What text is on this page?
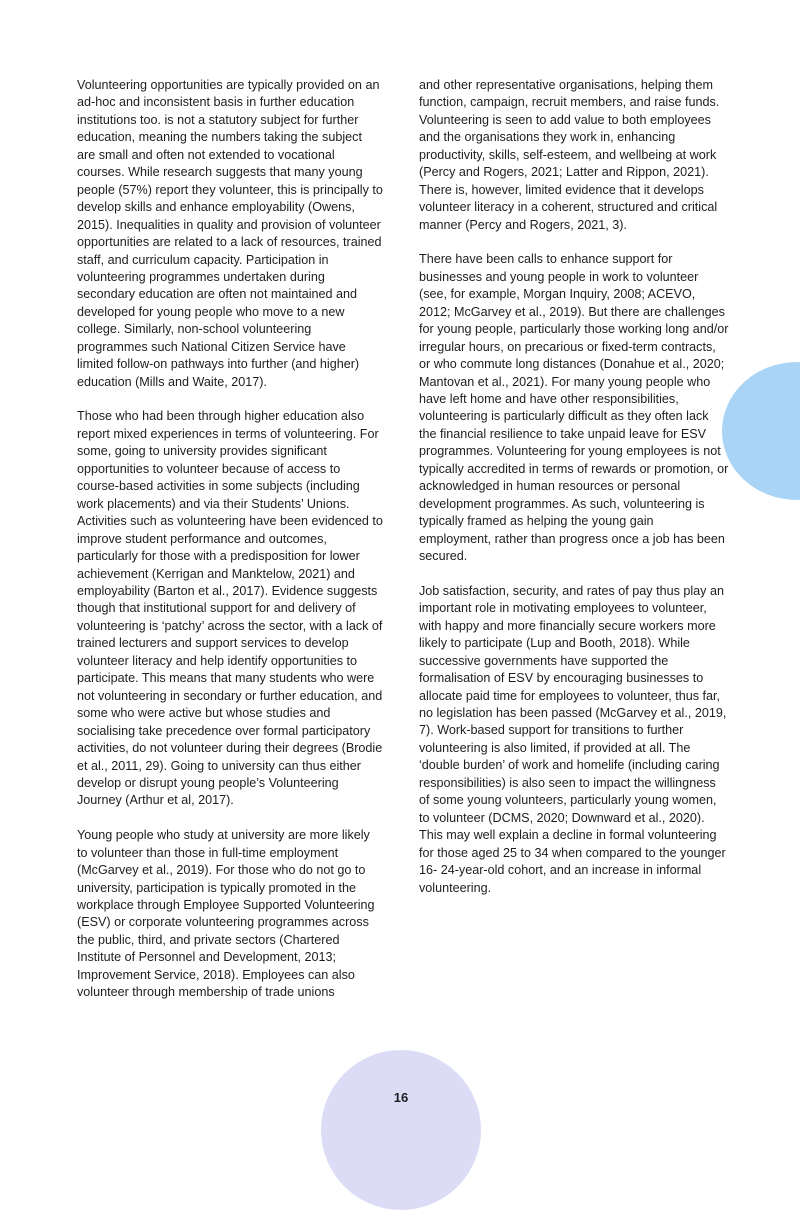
Volunteering opportunities are typically provided on an ad-hoc and inconsistent basis in further education institutions too. is not a statutory subject for further education, meaning the numbers taking the subject are small and often not extended to vocational courses. While research suggests that many young people (57%) report they volunteer, this is principally to develop skills and enhance employability (Owens, 2015). Inequalities in quality and provision of volunteer opportunities are related to a lack of resources, trained staff, and curriculum capacity. Participation in volunteering programmes undertaken during secondary education are often not maintained and developed for young people who move to a new college. Similarly, non-school volunteering programmes such National Citizen Service have limited follow-on pathways into further (and higher) education (Mills and Waite, 2017).

Those who had been through higher education also report mixed experiences in terms of volunteering. For some, going to university provides significant opportunities to volunteer because of access to course-based activities in some subjects (including work placements) and via their Students’ Unions. Activities such as volunteering have been evidenced to improve student performance and outcomes, particularly for those with a predisposition for lower achievement (Kerrigan and Manktelow, 2021) and employability (Barton et al., 2017). Evidence suggests though that institutional support for and delivery of volunteering is ‘patchy’ across the sector, with a lack of trained lecturers and support services to develop volunteer literacy and help identify opportunities to participate. This means that many students who were not volunteering in secondary or further education, and some who were active but whose studies and socialising take precedence over formal participatory activities, do not volunteer during their degrees (Brodie et al., 2011, 29). Going to university can thus either develop or disrupt young people’s Volunteering Journey (Arthur et al, 2017).

Young people who study at university are more likely to volunteer than those in full-time employment (McGarvey et al., 2019). For those who do not go to university, participation is typically promoted in the workplace through Employee Supported Volunteering (ESV) or corporate volunteering programmes across the public, third, and private sectors (Chartered Institute of Personnel and Development, 2013; Improvement Service, 2018). Employees can also volunteer through membership of trade unions

and other representative organisations, helping them function, campaign, recruit members, and raise funds. Volunteering is seen to add value to both employees and the organisations they work in, enhancing productivity, skills, self-esteem, and wellbeing at work (Percy and Rogers, 2021; Latter and Rippon, 2021). There is, however, limited evidence that it develops volunteer literacy in a coherent, structured and critical manner (Percy and Rogers, 2021, 3).

There have been calls to enhance support for businesses and young people in work to volunteer (see, for example, Morgan Inquiry, 2008; ACEVO, 2012; McGarvey et al., 2019). But there are challenges for young people, particularly those working long and/or irregular hours, on precarious or fixed-term contracts, or who commute long distances (Donahue et al., 2020; Mantovan et al., 2021). For many young people who have left home and have other responsibilities, volunteering is particularly difficult as they often lack the financial resilience to take unpaid leave for ESV programmes. Volunteering for young employees is not typically accredited in terms of rewards or promotion, or acknowledged in human resources or personal development programmes. As such, volunteering is typically framed as helping the young gain employment, rather than progress once a job has been secured.

Job satisfaction, security, and rates of pay thus play an important role in motivating employees to volunteer, with happy and more financially secure workers more likely to participate (Lup and Booth, 2018). While successive governments have supported the formalisation of ESV by encouraging businesses to allocate paid time for employees to volunteer, thus far, no legislation has been passed (McGarvey et al., 2019, 7). Work-based support for transitions to further volunteering is also limited, if provided at all. The ‘double burden’ of work and homelife (including caring responsibilities) is also seen to impact the willingness of some young volunteers, particularly young women, to volunteer (DCMS, 2020; Downward et al., 2020). This may well explain a decline in formal volunteering for those aged 25 to 34 when compared to the younger 16- 24-year-old cohort, and an increase in informal volunteering.

16
